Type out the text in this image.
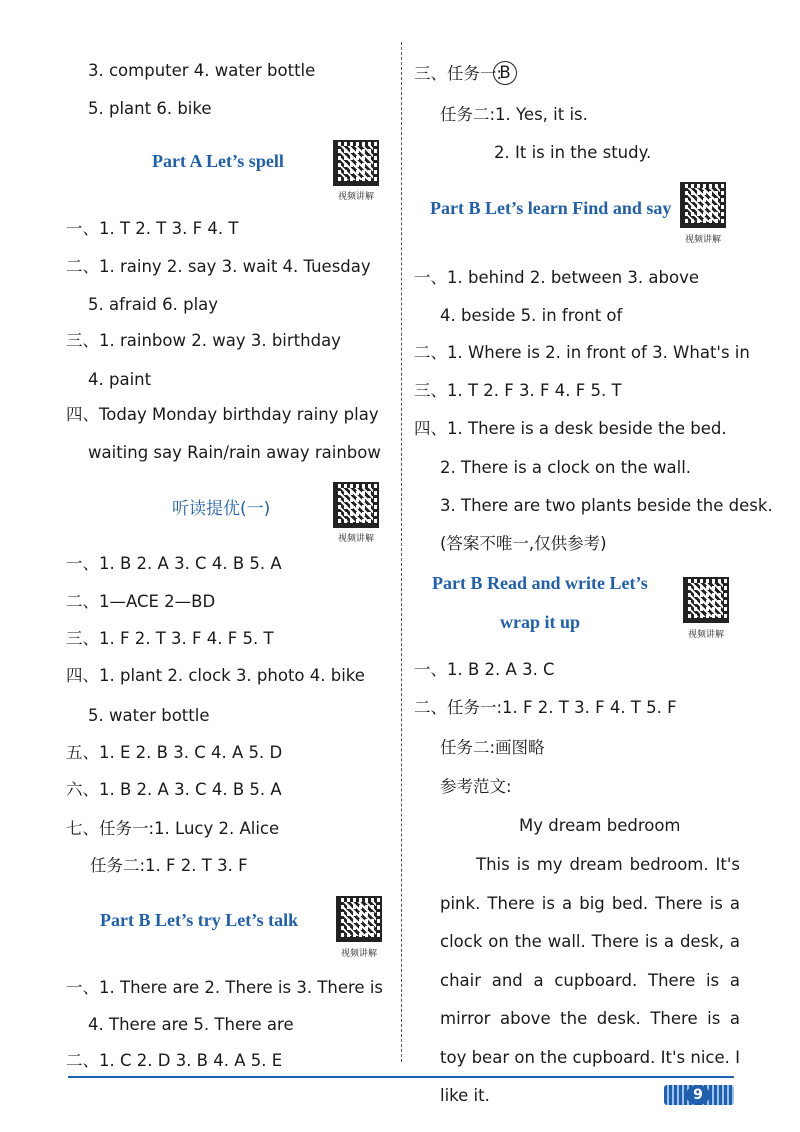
3. computer 4. water bottle
5. plant 6. bike
Part A Let’s spell
视频讲解
一、1. T 2. T 3. F 4. T
二、1. rainy 2. say 3. wait 4. Tuesday
5. afraid 6. play
三、1. rainbow 2. way 3. birthday
4. paint
四、Today Monday birthday rainy play
waiting say Rain/rain away rainbow
听读提优(一)
视频讲解
一、1. B 2. A 3. C 4. B 5. A
二、1—ACE 2—BD
三、1. F 2. T 3. F 4. F 5. T
四、1. plant 2. clock 3. photo 4. bike
5. water bottle
五、1. E 2. B 3. C 4. A 5. D
六、1. B 2. A 3. C 4. B 5. A
七、任务一:1. Lucy 2. Alice
任务二:1. F 2. T 3. F
Part B Let’s try Let’s talk
视频讲解
一、1. There are 2. There is 3. There is
4. There are 5. There are
二、1. C 2. D 3. B 4. A 5. E
三、任务一:
B
任务二:1. Yes, it is.
2. It is in the study.
Part B Let’s learn Find and say
视频讲解
一、1. behind 2. between 3. above
4. beside 5. in front of
二、1. Where is 2. in front of 3. What's in
三、1. T 2. F 3. F 4. F 5. T
四、1. There is a desk beside the bed.
2. There is a clock on the wall.
3. There are two plants beside the desk.
(答案不唯一,仅供参考)
Part B Read and write Let’s
wrap it up
视频讲解
一、1. B 2. A 3. C
二、任务一:1. F 2. T 3. F 4. T 5. F
任务二:画图略
参考范文:
My dream bedroom
This is my dream bedroom. It's pink. There is a big bed. There is a clock on the wall. There is a desk, a chair and a cupboard. There is a mirror above the desk. There is a toy bear on the cupboard. It's nice. I like it.	9
